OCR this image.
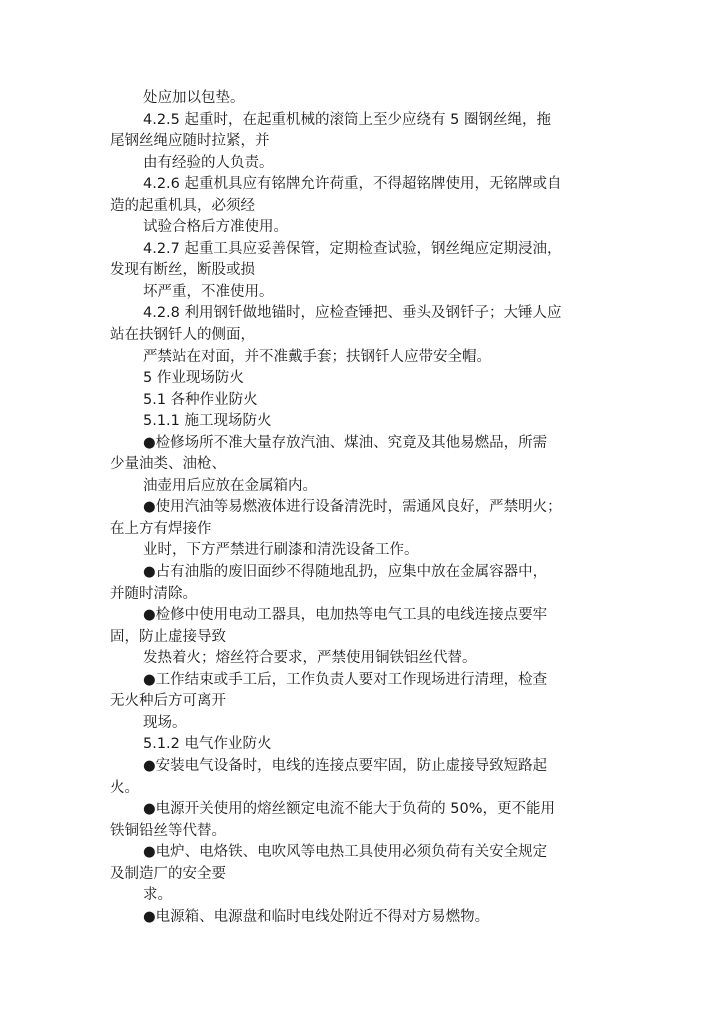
处应加以包垫。
4.2.5 起重时，在起重机械的滚筒上至少应绕有 5 圈钢丝绳，拖
尾钢丝绳应随时拉紧，并
由有经验的人负责。
4.2.6 起重机具应有铭牌允许荷重，不得超铭牌使用，无铭牌或自
造的起重机具，必须经
试验合格后方准使用。
4.2.7 起重工具应妥善保管，定期检查试验，钢丝绳应定期浸油，
发现有断丝，断股或损
坏严重，不准使用。
4.2.8 利用钢钎做地锚时，应检查锤把、垂头及钢钎子；大锤人应
站在扶钢钎人的侧面，
严禁站在对面，并不准戴手套；扶钢钎人应带安全帽。
5 作业现场防火
5.1 各种作业防火
5.1.1 施工现场防火
●检修场所不准大量存放汽油、煤油、究竟及其他易燃品，所需
少量油类、油枪、
油壶用后应放在金属箱内。
●使用汽油等易燃液体进行设备清洗时，需通风良好，严禁明火；
在上方有焊接作
业时，下方严禁进行刷漆和清洗设备工作。
●占有油脂的废旧面纱不得随地乱扔，应集中放在金属容器中，
并随时清除。
●检修中使用电动工器具，电加热等电气工具的电线连接点要牢
固，防止虚接导致
发热着火；熔丝符合要求，严禁使用铜铁铝丝代替。
●工作结束或手工后，工作负责人要对工作现场进行清理，检查
无火种后方可离开
现场。
5.1.2 电气作业防火
●安装电气设备时，电线的连接点要牢固，防止虚接导致短路起
火。
●电源开关使用的熔丝额定电流不能大于负荷的 50%，更不能用
铁铜铅丝等代替。
●电炉、电烙铁、电吹风等电热工具使用必须负荷有关安全规定
及制造厂的安全要
求。
●电源箱、电源盘和临时电线处附近不得对方易燃物。
